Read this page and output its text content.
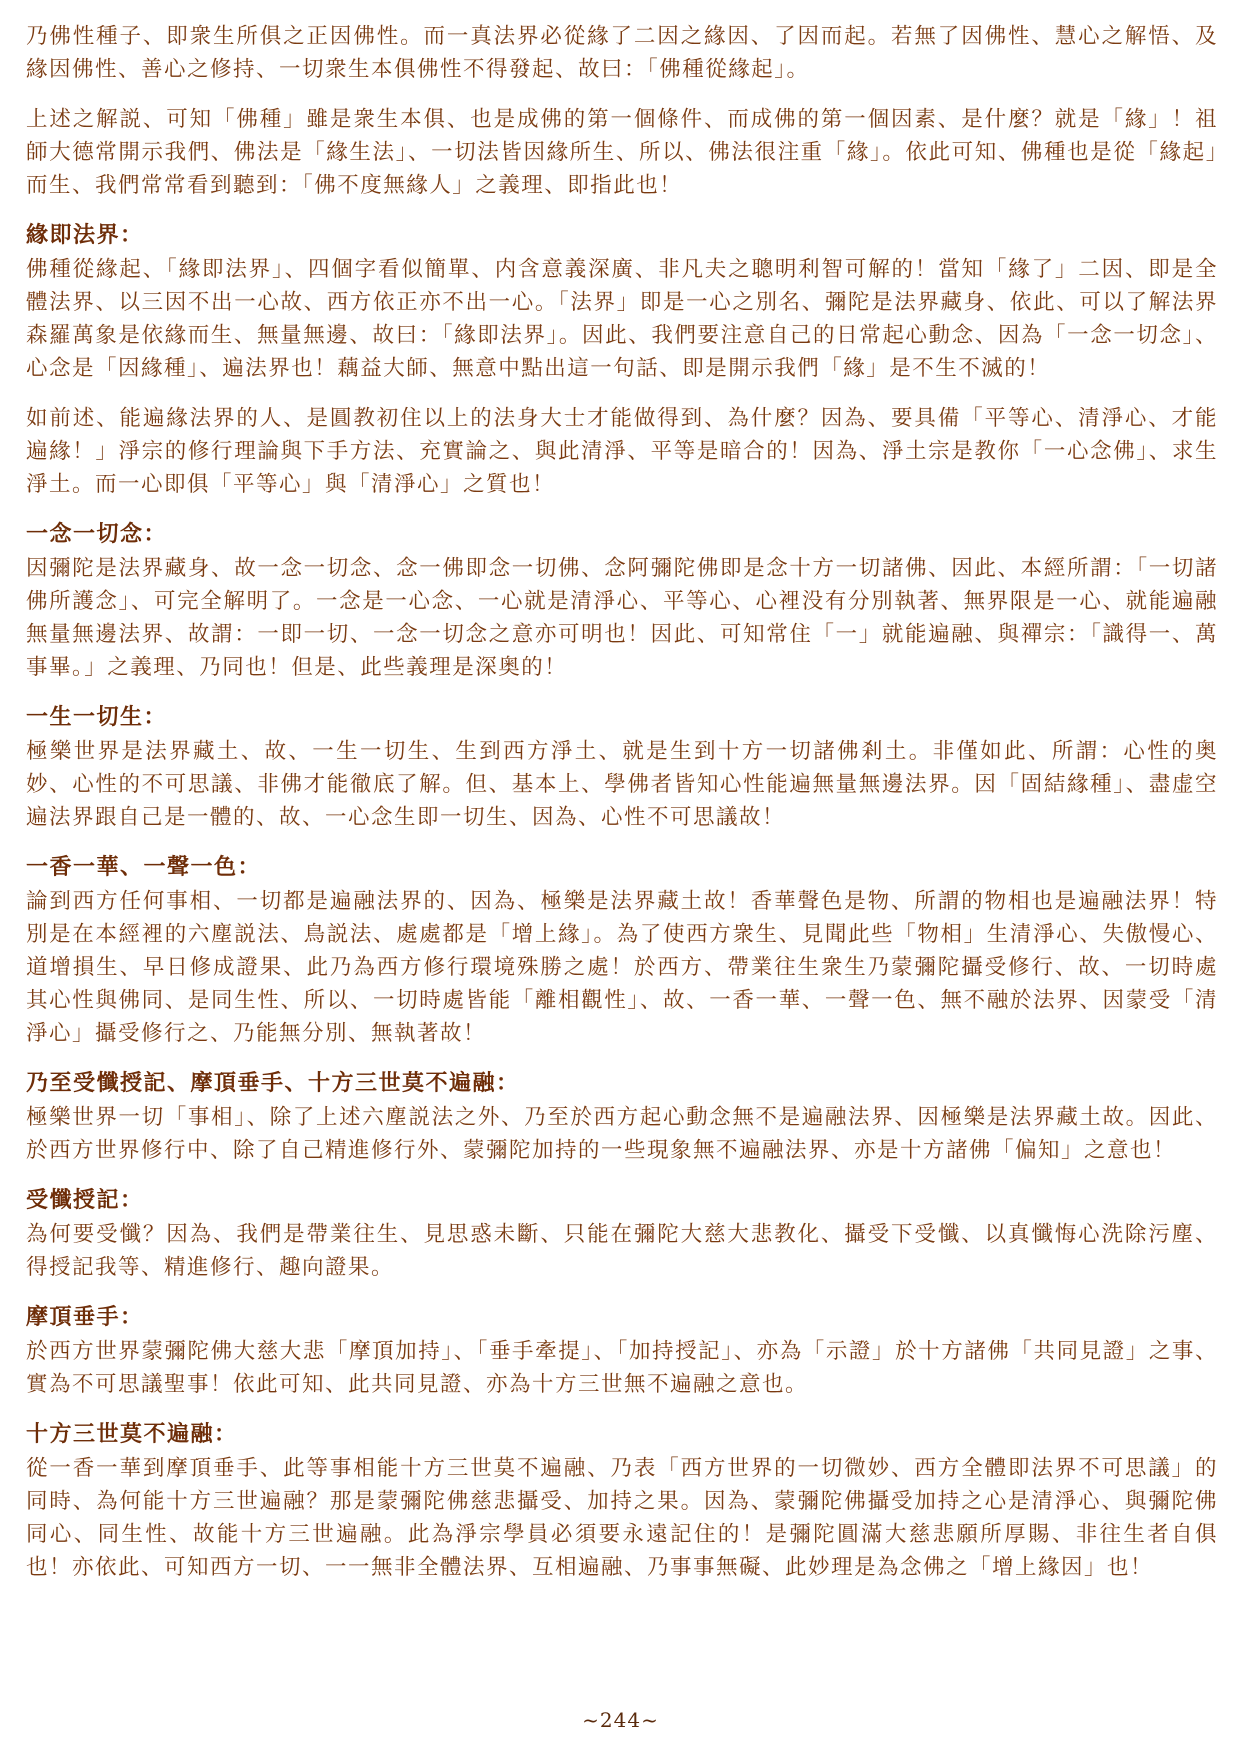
乃佛性種子、即衆生所俱之正因佛性。而一真法界必從緣了二因之緣因、了因而起。若無了因佛性、慧心之解悟、及緣因佛性、善心之修持、一切衆生本俱佛性不得發起、故曰：「佛種從緣起」。

上述之解説、可知「佛種」雖是衆生本俱、也是成佛的第一個條件、而成佛的第一個因素、是什麼？就是「緣」！祖師大德常開示我們、佛法是「緣生法」、一切法皆因緣所生、所以、佛法很注重「緣」。依此可知、佛種也是從「緣起」而生、我們常常看到聽到：「佛不度無緣人」之義理、即指此也！

緣即法界：

佛種從緣起、「緣即法界」、四個字看似簡單、内含意義深廣、非凡夫之聰明利智可解的！當知「緣了」二因、即是全體法界、以三因不出一心故、西方依正亦不出一心。「法界」即是一心之別名、彌陀是法界藏身、依此、可以了解法界森羅萬象是依緣而生、無量無邊、故曰：「緣即法界」。因此、我們要注意自己的日常起心動念、因為「一念一切念」、心念是「因緣種」、遍法界也！藕益大師、無意中點出這一句話、即是開示我們「緣」是不生不滅的！

如前述、能遍緣法界的人、是圓教初住以上的法身大士才能做得到、為什麼？因為、要具備「平等心、清淨心、才能遍緣！」淨宗的修行理論與下手方法、充實論之、與此清淨、平等是暗合的！因為、淨土宗是教你「一心念佛」、求生淨土。而一心即俱「平等心」與「清淨心」之質也！

一念一切念：

因彌陀是法界藏身、故一念一切念、念一佛即念一切佛、念阿彌陀佛即是念十方一切諸佛、因此、本經所謂：「一切諸佛所護念」、可完全解明了。一念是一心念、一心就是清淨心、平等心、心裡没有分別執著、無界限是一心、就能遍融無量無邊法界、故謂：一即一切、一念一切念之意亦可明也！因此、可知常住「一」就能遍融、與禪宗：「識得一、萬事畢。」之義理、乃同也！但是、此些義理是深奥的！

一生一切生：

極樂世界是法界藏土、故、一生一切生、生到西方淨土、就是生到十方一切諸佛剎土。非僅如此、所謂：心性的奥妙、心性的不可思議、非佛才能徹底了解。但、基本上、學佛者皆知心性能遍無量無邊法界。因「固結緣種」、盡虚空遍法界跟自己是一體的、故、一心念生即一切生、因為、心性不可思議故！

一香一華、一聲一色：

論到西方任何事相、一切都是遍融法界的、因為、極樂是法界藏土故！香華聲色是物、所謂的物相也是遍融法界！特別是在本經裡的六塵説法、鳥説法、處處都是「增上緣」。為了使西方衆生、見聞此些「物相」生清淨心、失傲慢心、道增損生、早日修成證果、此乃為西方修行環境殊勝之處！於西方、帶業往生衆生乃蒙彌陀攝受修行、故、一切時處其心性與佛同、是同生性、所以、一切時處皆能「離相觀性」、故、一香一華、一聲一色、無不融於法界、因蒙受「清淨心」攝受修行之、乃能無分別、無執著故！

乃至受懺授記、摩頂垂手、十方三世莫不遍融：

極樂世界一切「事相」、除了上述六塵説法之外、乃至於西方起心動念無不是遍融法界、因極樂是法界藏土故。因此、於西方世界修行中、除了自己精進修行外、蒙彌陀加持的一些現象無不遍融法界、亦是十方諸佛「偏知」之意也！

受懺授記：

為何要受懺？因為、我們是帶業往生、見思惑未斷、只能在彌陀大慈大悲教化、攝受下受懺、以真懺悔心洗除污塵、得授記我等、精進修行、趣向證果。

摩頂垂手：

於西方世界蒙彌陀佛大慈大悲「摩頂加持」、「垂手牽提」、「加持授記」、亦為「示證」於十方諸佛「共同見證」之事、實為不可思議聖事！依此可知、此共同見證、亦為十方三世無不遍融之意也。

十方三世莫不遍融：

從一香一華到摩頂垂手、此等事相能十方三世莫不遍融、乃表「西方世界的一切微妙、西方全體即法界不可思議」的同時、為何能十方三世遍融？那是蒙彌陀佛慈悲攝受、加持之果。因為、蒙彌陀佛攝受加持之心是清淨心、與彌陀佛同心、同生性、故能十方三世遍融。此為淨宗學員必須要永遠記住的！是彌陀圓滿大慈悲願所厚賜、非往生者自俱也！亦依此、可知西方一切、一一無非全體法界、互相遍融、乃事事無礙、此妙理是為念佛之「增上緣因」也！

~244~
